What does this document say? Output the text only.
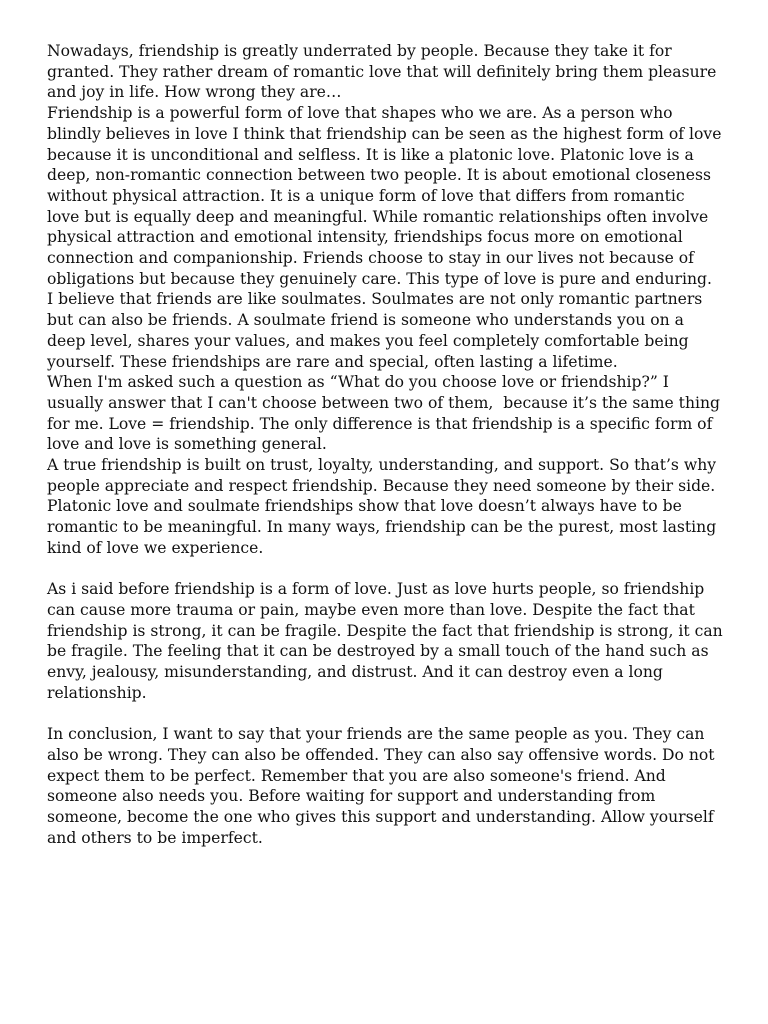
Nowadays, friendship is greatly underrated by people. Because they take it for
granted. They rather dream of romantic love that will definitely bring them pleasure
and joy in life. How wrong they are…
Friendship is a powerful form of love that shapes who we are. As a person who
blindly believes in love I think that friendship can be seen as the highest form of love
because it is unconditional and selfless. It is like a platonic love. Platonic love is a
deep, non-romantic connection between two people. It is about emotional closeness
without physical attraction. It is a unique form of love that differs from romantic
love but is equally deep and meaningful. While romantic relationships often involve
physical attraction and emotional intensity, friendships focus more on emotional
connection and companionship. Friends choose to stay in our lives not because of
obligations but because they genuinely care. This type of love is pure and enduring.
I believe that friends are like soulmates. Soulmates are not only romantic partners
but can also be friends. A soulmate friend is someone who understands you on a
deep level, shares your values, and makes you feel completely comfortable being
yourself. These friendships are rare and special, often lasting a lifetime.
When I'm asked such a question as “What do you choose love or friendship?” I
usually answer that I can't choose between two of them,  because it’s the same thing
for me. Love = friendship. The only difference is that friendship is a specific form of
love and love is something general.
A true friendship is built on trust, loyalty, understanding, and support. So that’s why
people appreciate and respect friendship. Because they need someone by their side.
Platonic love and soulmate friendships show that love doesn’t always have to be
romantic to be meaningful. In many ways, friendship can be the purest, most lasting
kind of love we experience.
As i said before friendship is a form of love. Just as love hurts people, so friendship
can cause more trauma or pain, maybe even more than love. Despite the fact that
friendship is strong, it can be fragile. Despite the fact that friendship is strong, it can
be fragile. The feeling that it can be destroyed by a small touch of the hand such as
envy, jealousy, misunderstanding, and distrust. And it can destroy even a long
relationship.
In conclusion, I want to say that your friends are the same people as you. They can
also be wrong. They can also be offended. They can also say offensive words. Do not
expect them to be perfect. Remember that you are also someone's friend. And
someone also needs you. Before waiting for support and understanding from
someone, become the one who gives this support and understanding. Allow yourself
and others to be imperfect.
